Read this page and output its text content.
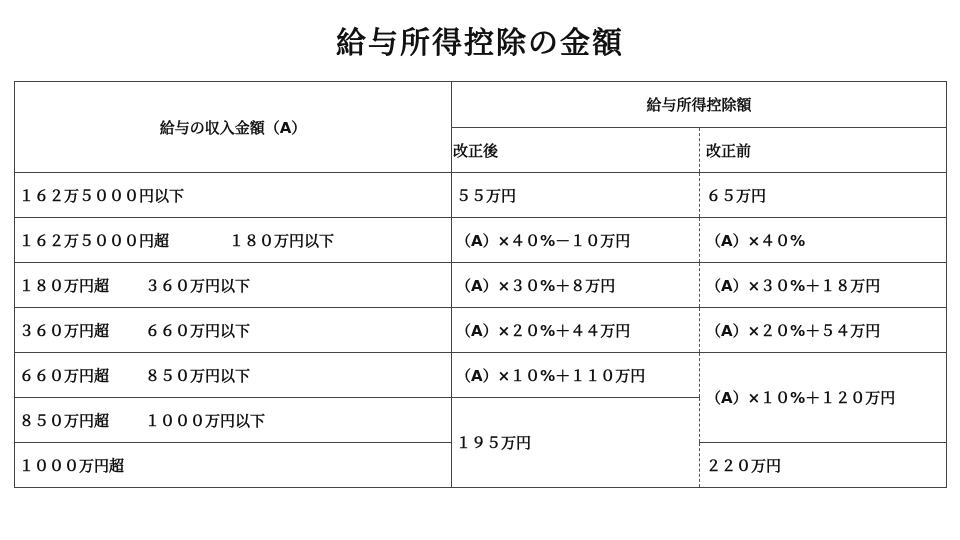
給与所得控除の金額
給与の収入金額（A）	給与所得控除額	
	改正後	改正前
１６２万５０００円以下	５５万円	６５万円
１６２万５０００円超 １８０万円以下	（A）×４０%－１０万円	（A）×４０%
１８０万円超 ３６０万円以下	（A）×３０%＋８万円	（A）×３０%＋１８万円
３６０万円超 ６６０万円以下	（A）×２０%＋４４万円	（A）×２０%＋５４万円
６６０万円超 ８５０万円以下	（A）×１０%＋１１０万円	（A）×１０%＋１２０万円
８５０万円超 １０００万円以下	１９５万円	
１０００万円超		２２０万円
